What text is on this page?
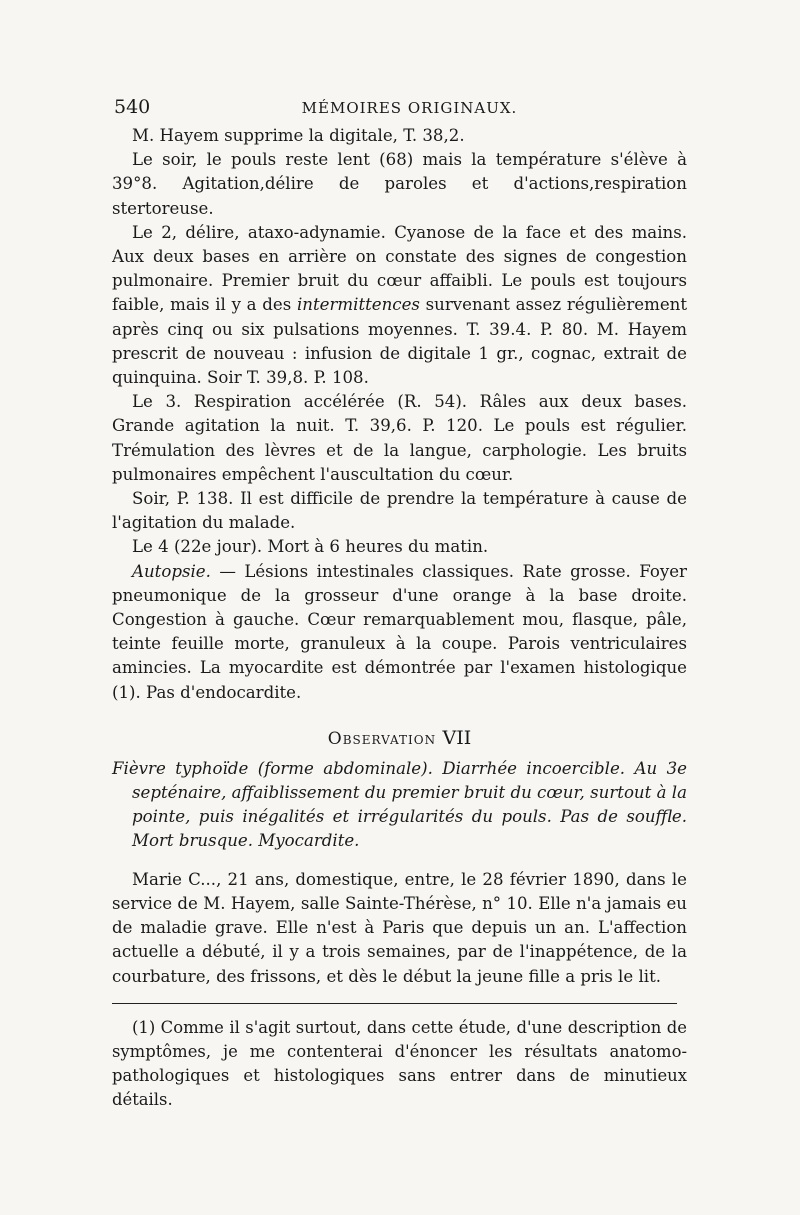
540	MÉMOIRES ORIGINAUX.

M. Hayem supprime la digitale, T. 38,2.

Le soir, le pouls reste lent (68) mais la température s'élève à 39°8. Agitation,délire de paroles et d'actions,respiration stertoreuse.

Le 2, délire, ataxo-adynamie. Cyanose de la face et des mains. Aux deux bases en arrière on constate des signes de congestion pulmonaire. Premier bruit du cœur affaibli. Le pouls est toujours faible, mais il y a des intermittences survenant assez régulièrement après cinq ou six pulsations moyennes. T. 39.4. P. 80. M. Hayem prescrit de nouveau : infusion de digitale 1 gr., cognac, extrait de quinquina. Soir T. 39,8. P. 108.

Le 3. Respiration accélérée (R. 54). Râles aux deux bases. Grande agitation la nuit. T. 39,6. P. 120. Le pouls est régulier. Trémulation des lèvres et de la langue, carphologie. Les bruits pulmonaires empêchent l'auscultation du cœur.

Soir, P. 138. Il est difficile de prendre la température à cause de l'agitation du malade.

Le 4 (22e jour). Mort à 6 heures du matin.

Autopsie. — Lésions intestinales classiques. Rate grosse. Foyer pneumonique de la grosseur d'une orange à la base droite. Congestion à gauche. Cœur remarquablement mou, flasque, pâle, teinte feuille morte, granuleux à la coupe. Parois ventriculaires amincies. La myocardite est démontrée par l'examen histologique (1). Pas d'endocardite.

Observation VII

Fièvre typhoïde (forme abdominale). Diarrhée incoercible. Au 3e septénaire, affaiblissement du premier bruit du cœur, surtout à la pointe, puis inégalités et irrégularités du pouls. Pas de souffle. Mort brusque. Myocardite.

Marie C..., 21 ans, domestique, entre, le 28 février 1890, dans le service de M. Hayem, salle Sainte-Thérèse, n° 10. Elle n'a jamais eu de maladie grave. Elle n'est à Paris que depuis un an. L'affection actuelle a débuté, il y a trois semaines, par de l'inappétence, de la courbature, des frissons, et dès le début la jeune fille a pris le lit.

(1) Comme il s'agit surtout, dans cette étude, d'une description de symptômes, je me contenterai d'énoncer les résultats anatomo-pathologiques et histologiques sans entrer dans de minutieux détails.
